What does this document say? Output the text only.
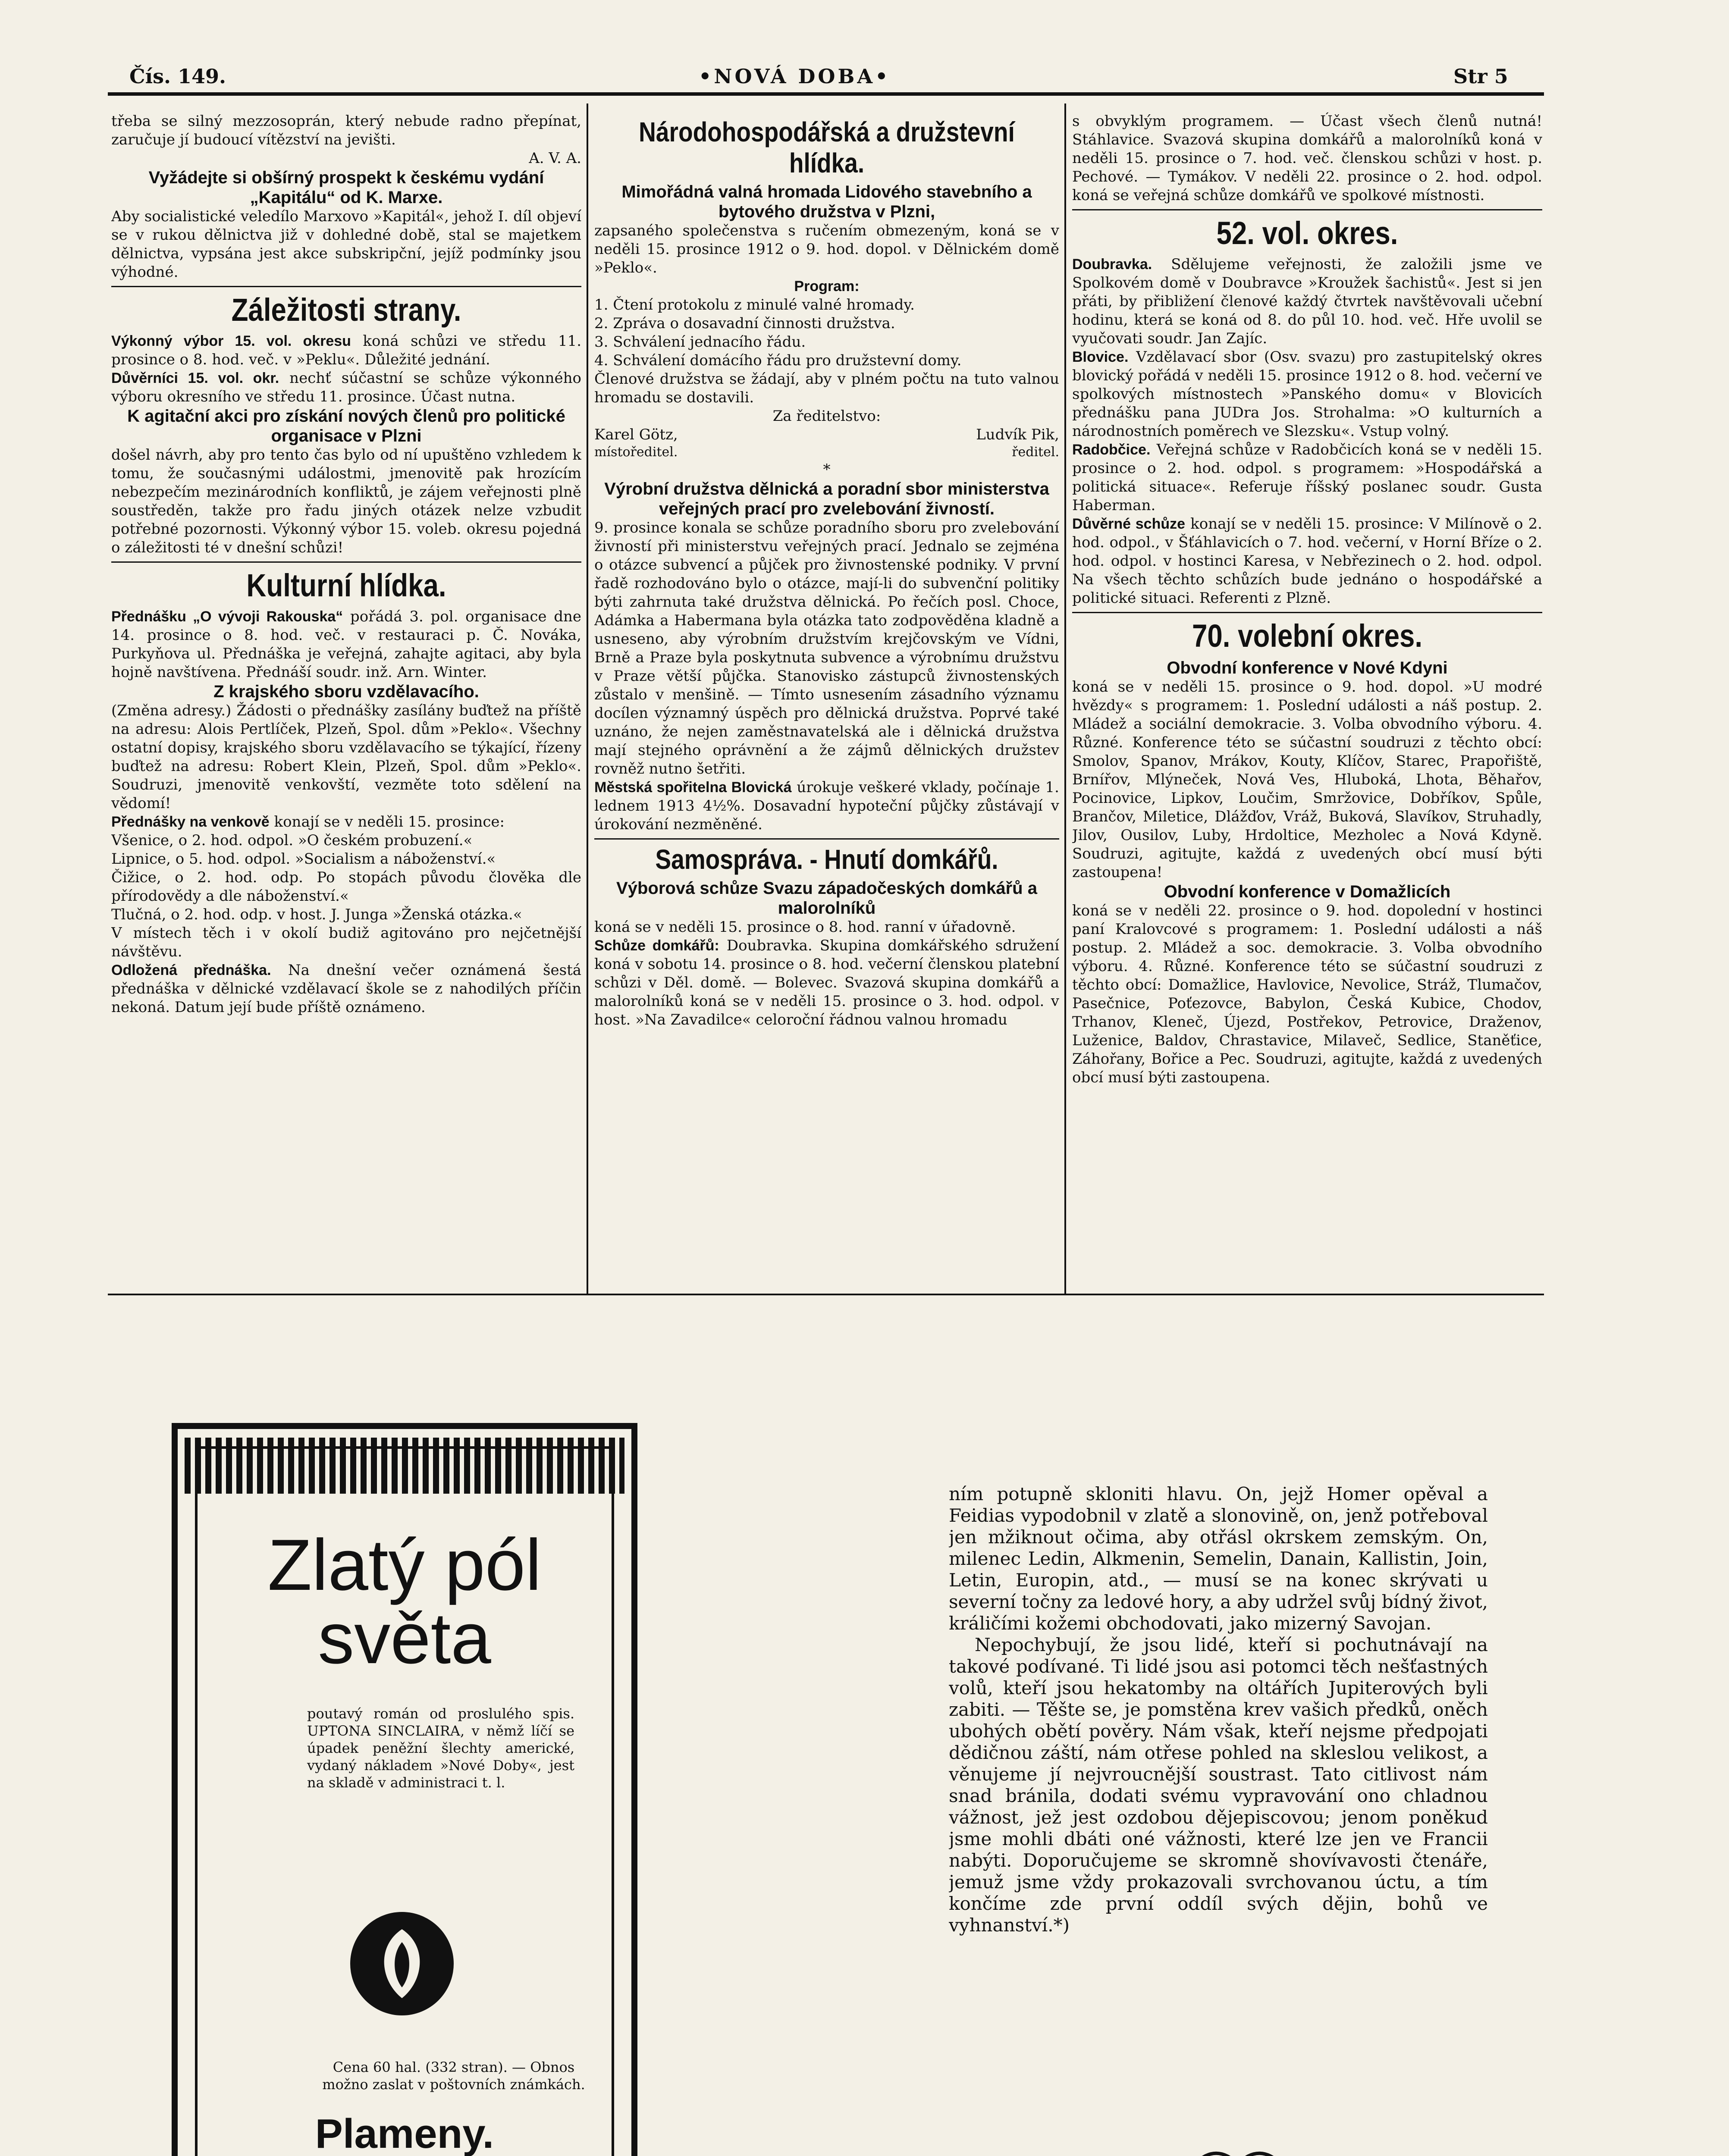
Čís. 149.	•NOVÁ DOBA•	Str 5

třeba se silný mezzosoprán, který nebude radno přepínat, zaručuje jí budoucí vítězství na jevišti.

A. V. A.

Vyžádejte si obšírný prospekt k českému vydání „Kapitálu“ od K. Marxe.

Aby socialistické veledílo Marxovo »Kapitál«, jehož I. díl objeví se v rukou dělnictva již v dohledné době, stal se majetkem dělnictva, vypsána jest akce subskripční, jejíž podmínky jsou výhodné.

Záležitosti strany.

Výkonný výbor 15. vol. okresu koná schůzi ve středu 11. prosince o 8. hod. več. v »Peklu«. Důležité jednání.

Důvěrníci 15. vol. okr. nechť súčastní se schůze výkonného výboru okresního ve středu 11. prosince. Účast nutna.

K agitační akci pro získání nových členů pro politické organisace v Plzni

došel návrh, aby pro tento čas bylo od ní upuštěno vzhledem k tomu, že současnými událostmi, jmenovitě pak hrozícím nebezpečím mezinárodních konfliktů, je zájem veřejnosti plně soustředěn, takže pro řadu jiných otázek nelze vzbudit potřebné pozornosti. Výkonný výbor 15. voleb. okresu pojedná o záležitosti té v dnešní schůzi!

Kulturní hlídka.

Přednášku „O vývoji Rakouska“ pořádá 3. pol. organisace dne 14. prosince o 8. hod. več. v restauraci p. Č. Nováka, Purkyňova ul. Přednáška je veřejná, zahajte agitaci, aby byla hojně navštívena. Přednáší soudr. inž. Arn. Winter.

Z krajského sboru vzdělavacího.

(Změna adresy.) Žádosti o přednášky zasílány buďtež na příště na adresu: Alois Pertlíček, Plzeň, Spol. dům »Peklo«. Všechny ostatní dopisy, krajského sboru vzdělavacího se týkající, řízeny buďtež na adresu: Robert Klein, Plzeň, Spol. dům »Peklo«. Soudruzi, jmenovitě venkovští, vezměte toto sdělení na vědomí!

Přednášky na venkově konají se v neděli 15. prosince:

Všenice, o 2. hod. odpol. »O českém probuzení.«

Lipnice, o 5. hod. odpol. »Socialism a náboženství.«

Čižice, o 2. hod. odp. Po stopách původu člověka dle přírodovědy a dle náboženství.«

Tlučná, o 2. hod. odp. v host. J. Junga »Ženská otázka.«

V místech těch i v okolí budiž agitováno pro nejčetnější návštěvu.

Odložená přednáška. Na dnešní večer oznámená šestá přednáška v dělnické vzdělavací škole se z nahodilých příčin nekoná. Datum její bude příště oznámeno.

Národohospodářská a družstevní hlídka.

Mimořádná valná hromada Lidového stavebního a bytového družstva v Plzni,

zapsaného společenstva s ručením obmezeným, koná se v neděli 15. prosince 1912 o 9. hod. dopol. v Dělnickém domě »Peklo«.

Program:

1. Čtení protokolu z minulé valné hromady.

2. Zpráva o dosavadní činnosti družstva.

3. Schválení jednacího řádu.

4. Schválení domácího řádu pro družstevní domy.

Členové družstva se žádají, aby v plném počtu na tuto valnou hromadu se dostavili.

Za ředitelstvo:

Karel Götz,

místoředitel.

Ludvík Pik,

ředitel.

*

Výrobní družstva dělnická a poradní sbor ministerstva veřejných prací pro zvelebování živností.

9. prosince konala se schůze poradního sboru pro zvelebování živností při ministerstvu veřejných prací. Jednalo se zejména o otázce subvencí a půjček pro živnostenské podniky. V první řadě rozhodováno bylo o otázce, mají-li do subvenční politiky býti zahrnuta také družstva dělnická. Po řečích posl. Choce, Adámka a Habermana byla otázka tato zodpověděna kladně a usneseno, aby výrobním družstvím krejčovským ve Vídni, Brně a Praze byla poskytnuta subvence a výrobnímu družstvu v Praze větší půjčka. Stanovisko zástupců živnostenských zůstalo v menšině. — Tímto usnesením zásadního významu docílen významný úspěch pro dělnická družstva. Poprvé také uznáno, že nejen zaměstnavatelská ale i dělnická družstva mají stejného oprávnění a že zájmů dělnických družstev rovněž nutno šetřiti.

Městská spořitelna Blovická úrokuje veškeré vklady, počínaje 1. lednem 1913 4½%. Dosavadní hypoteční půjčky zůstávají v úrokování nezměněné.

Samospráva. - Hnutí domkářů.

Výborová schůze Svazu západočeských domkářů a malorolníků

koná se v neděli 15. prosince o 8. hod. ranní v úřadovně.

Schůze domkářů: Doubravka. Skupina domkářského sdružení koná v sobotu 14. prosince o 8. hod. večerní členskou platební schůzi v Děl. domě. — Bolevec. Svazová skupina domkářů a malorolníků koná se v neděli 15. prosince o 3. hod. odpol. v host. »Na Zavadilce« celoroční řádnou valnou hromadu

s obvyklým programem. — Účast všech členů nutná! Stáhlavice. Svazová skupina domkářů a malorolníků koná v neděli 15. prosince o 7. hod. več. členskou schůzi v host. p. Pechové. — Tymákov. V neděli 22. prosince o 2. hod. odpol. koná se veřejná schůze domkářů ve spolkové místnosti.

52. vol. okres.

Doubravka. Sdělujeme veřejnosti, že založili jsme ve Spolkovém domě v Doubravce »Kroužek šachistů«. Jest si jen přáti, by přibližení členové každý čtvrtek navštěvovali učební hodinu, která se koná od 8. do půl 10. hod. več. Hře uvolil se vyučovati soudr. Jan Zajíc.

Blovice. Vzdělavací sbor (Osv. svazu) pro zastupitelský okres blovický pořádá v neděli 15. prosince 1912 o 8. hod. večerní ve spolkových místnostech »Panského domu« v Blovicích přednášku pana JUDra Jos. Strohalma: »O kulturních a národnostních poměrech ve Slezsku«. Vstup volný.

Radobčice. Veřejná schůze v Radobčicích koná se v neděli 15. prosince o 2. hod. odpol. s programem: »Hospodářská a politická situace«. Referuje říšský poslanec soudr. Gusta Haberman.

Důvěrné schůze konají se v neděli 15. prosince: V Milínově o 2. hod. odpol., v Šťáhlavicích o 7. hod. večerní, v Horní Bříze o 2. hod. odpol. v hostinci Karesa, v Nebřezinech o 2. hod. odpol. Na všech těchto schůzích bude jednáno o hospodářské a politické situaci. Referenti z Plzně.

70. volební okres.

Obvodní konference v Nové Kdyni

koná se v neděli 15. prosince o 9. hod. dopol. »U modré hvězdy« s programem: 1. Poslední události a náš postup. 2. Mládež a sociální demokracie. 3. Volba obvodního výboru. 4. Různé. Konference této se súčastní soudruzi z těchto obcí: Smolov, Spanov, Mrákov, Kouty, Klíčov, Starec, Prapořiště, Brnířov, Mlýneček, Nová Ves, Hluboká, Lhota, Běhařov, Pocinovice, Lipkov, Loučim, Smržovice, Dobříkov, Spůle, Brančov, Miletice, Dlážďov, Vráž, Buková, Slavíkov, Struhadly, Jilov, Ousilov, Luby, Hrdoltice, Mezholec a Nová Kdyně. Soudruzi, agitujte, každá z uvedených obcí musí býti zastoupena!

Obvodní konference v Domažlicích

koná se v neděli 22. prosince o 9. hod. dopolední v hostinci paní Kralovcové s programem: 1. Poslední události a náš postup. 2. Mládež a soc. demokracie. 3. Volba obvodního výboru. 4. Různé. Konference této se súčastní soudruzi z těchto obcí: Domažlice, Havlovice, Nevolice, Stráž, Tlumačov, Pasečnice, Poťezovce, Babylon, Česká Kubice, Chodov, Trhanov, Kleneč, Újezd, Postřekov, Petrovice, Draženov, Luženice, Baldov, Chrastavice, Milaveč, Sedlice, Staněťice, Záhořany, Bořice a Pec. Soudruzi, agitujte, každá z uvedených obcí musí býti zastoupena.

Zlatý pól
světa
poutavý román od proslulého spis. UPTONA SINCLAIRA, v němž líčí se úpadek peněžní šlechty americké, vydaný nákladem »Nové Doby«, jest na skladě v administraci t. l.
Cena 60 hal. (332 stran). — Obnos možno zaslat v poštovních známkách.
Plameny.

ním potupně skloniti hlavu. On, jejž Homer opěval a Feidias vypodobnil v zlatě a slonovině, on, jenž potřeboval jen mžiknout očima, aby otřásl okrskem zemským. On, milenec Ledin, Alkmenin, Semelin, Danain, Kallistin, Join, Letin, Europin, atd., — musí se na konec skrývati u severní točny za ledové hory, a aby udržel svůj bídný život, králičími kožemi obchodovati, jako mizerný Savojan.

Nepochybují, že jsou lidé, kteří si pochutnávají na takové podívané. Ti lidé jsou asi potomci těch nešťastných volů, kteří jsou hekatomby na oltářích Jupiterových byli zabiti. — Těšte se, je pomstěna krev vašich předků, oněch ubohých obětí pověry. Nám však, kteří nejsme předpojati dědičnou záští, nám otřese pohled na skleslou velikost, a věnujeme jí nejvroucnější soustrast. Tato citlivost nám snad bránila, dodati svému vypravování ono chladnou vážnost, jež jest ozdobou dějepiscovou; jenom poněkud jsme mohli dbáti oné vážnosti, které lze jen ve Francii nabýti. Doporučujeme se skromně shovívavosti čtenáře, jemuž jsme vždy prokazovali svrchovanou úctu, a tím končíme zde první oddíl svých dějin, bohů ve vyhnanství.*)
